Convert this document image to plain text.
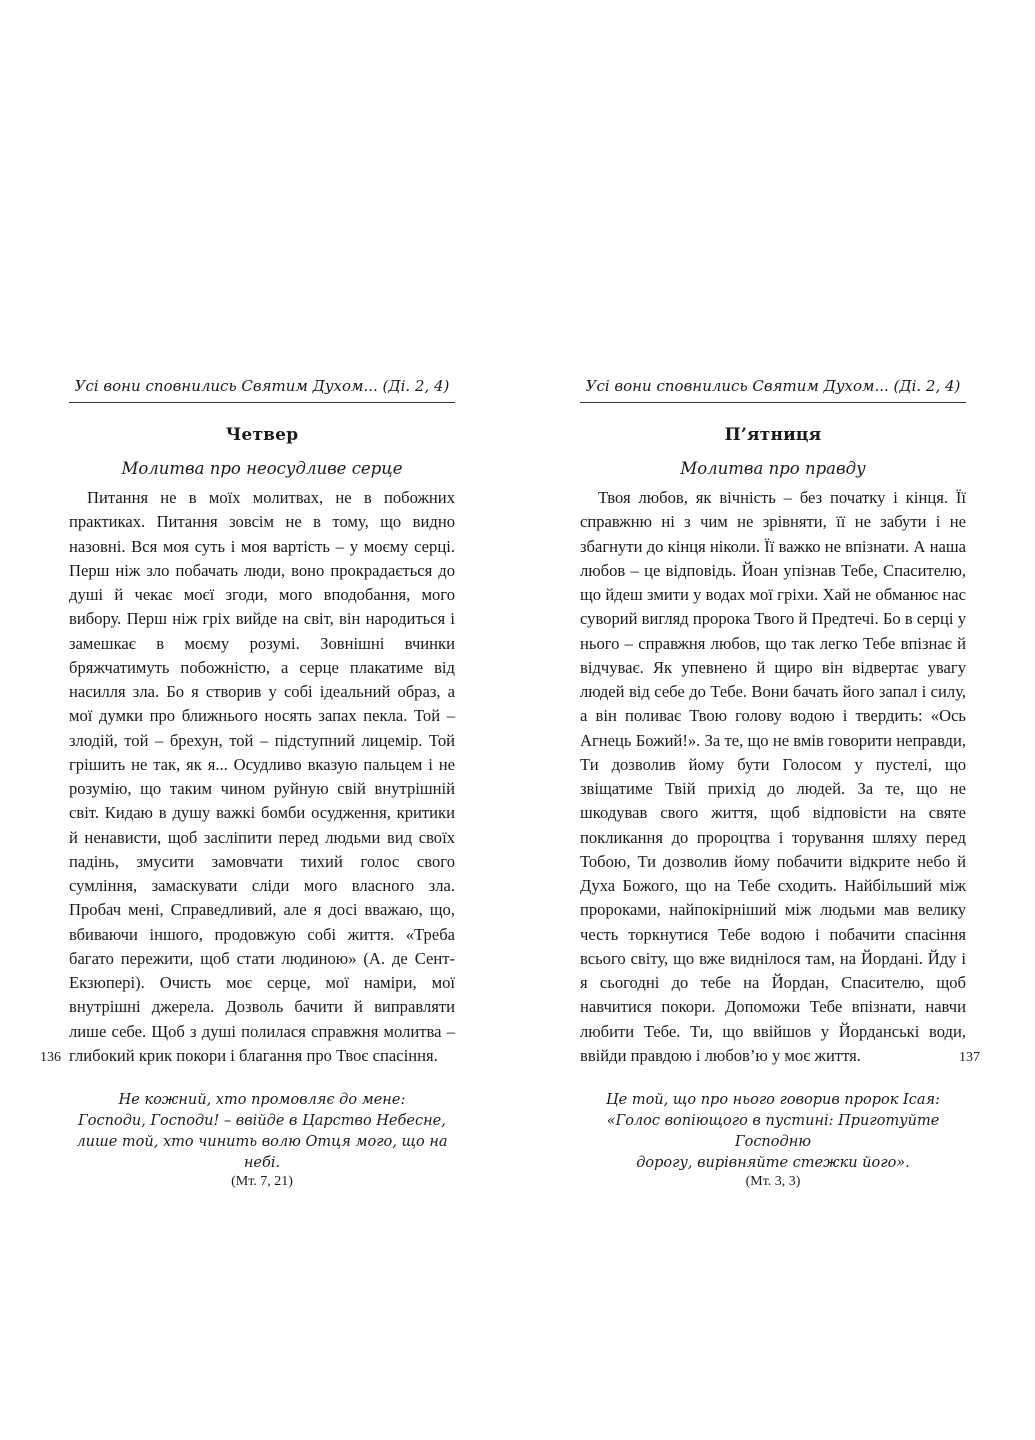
Усі вони сповнились Святим Духом... (Ді. 2, 4)
Четвер
Молитва про неосудливе серце
Питання не в моїх молитвах, не в побожних практиках. Питання зовсім не в тому, що видно назовні. Вся моя суть і моя вартість – у моєму серці. Перш ніж зло побачать люди, воно прокрадається до душі й чекає моєї згоди, мого вподобання, мого вибору. Перш ніж гріх вийде на світ, він народиться і замешкає в моєму розумі. Зовнішні вчинки бряжчатимуть побожністю, а серце плакатиме від насилля зла. Бо я створив у собі ідеальний образ, а мої думки про ближнього носять запах пекла. Той – злодій, той – брехун, той – підступний лицемір. Той грішить не так, як я... Осудливо вказую пальцем і не розумію, що таким чином руйную свій внутрішній світ. Кидаю в душу важкі бомби осудження, критики й ненависти, щоб засліпити перед людьми вид своїх падінь, змусити замовчати тихий голос свого сумління, замаскувати сліди мого власного зла. Пробач мені, Справедливий, але я досі вважаю, що, вбиваючи іншого, продовжую собі життя. «Треба багато пережити, щоб стати людиною» (А. де Сент-Екзюпері). Очисть моє серце, мої наміри, мої внутрішні джерела. Дозволь бачити й виправляти лише себе. Щоб з душі полилася справжня молитва – глибокий крик покори і благання про Твоє спасіння.
Не кожний, хто промовляє до мене:
Господи, Господи! – ввійде в Царство Небесне,
лише той, хто чинить волю Отця мого, що на небі.
(Мт. 7, 21)
Усі вони сповнились Святим Духом... (Ді. 2, 4)
П’ятниця
Молитва про правду
Твоя любов, як вічність – без початку і кінця. Її справжню ні з чим не зрівняти, її не забути і не збагнути до кінця ніколи. Її важко не впізнати. А наша любов – це відповідь. Йоан упізнав Тебе, Спасителю, що йдеш змити у водах мої гріхи. Хай не обманює нас суворий вигляд пророка Твого й Предтечі. Бо в серці у нього – справжня любов, що так легко Тебе впізнає й відчуває. Як упевнено й щиро він відвертає увагу людей від себе до Тебе. Вони бачать його запал і силу, а він поливає Твою голову водою і твердить: «Ось Агнець Божий!». За те, що не вмів говорити неправди, Ти дозволив йому бути Голосом у пустелі, що звіщатиме Твій прихід до людей. За те, що не шкодував свого життя, щоб відповісти на святе покликання до пророцтва і торування шляху перед Тобою, Ти дозволив йому побачити відкрите небо й Духа Божого, що на Тебе сходить. Найбільший між пророками, найпокірніший між людьми мав велику честь торкнутися Тебе водою і побачити спасіння всього світу, що вже виднілося там, на Йордані. Йду і я сьогодні до тебе на Йордан, Спасителю, щоб навчитися покори. Допоможи Тебе впізнати, навчи любити Тебе. Ти, що ввійшов у Йорданські води, ввійди правдою і любов’ю у моє життя.
Це той, що про нього говорив пророк Ісая:
«Голос вопіющого в пустині: Приготуйте Господню
дорогу, вирівняйте стежки його».
(Мт. 3, 3)
136	137
